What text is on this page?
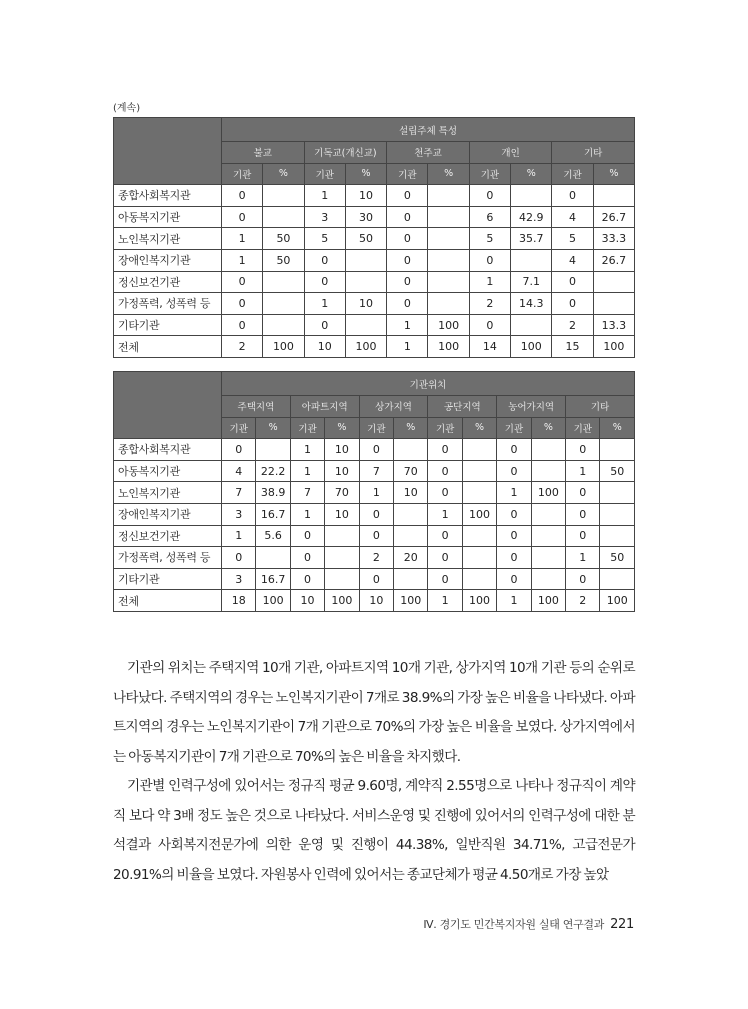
(계속)
	설립주체 특성									
	불교		기독교(개신교)		천주교		개인		기타	
	기관	%	기관	%	기관	%	기관	%	기관	%
종합사회복지관	0		1	10	0		0		0	
아동복지기관	0		3	30	0		6	42.9	4	26.7
노인복지기관	1	50	5	50	0		5	35.7	5	33.3
장애인복지기관	1	50	0		0		0		4	26.7
정신보건기관	0		0		0		1	7.1	0	
가정폭력, 성폭력 등	0		1	10	0		2	14.3	0	
기타기관	0		0		1	100	0		2	13.3
전체	2	100	10	100	1	100	14	100	15	100
	기관위치											
	주택지역		아파트지역		상가지역		공단지역		농어가지역		기타	
	기관	%	기관	%	기관	%	기관	%	기관	%	기관	%
종합사회복지관	0		1	10	0		0		0		0	
아동복지기관	4	22.2	1	10	7	70	0		0		1	50
노인복지기관	7	38.9	7	70	1	10	0		1	100	0	
장애인복지기관	3	16.7	1	10	0		1	100	0		0	
정신보건기관	1	5.6	0		0		0		0		0	
가정폭력, 성폭력 등	0		0		2	20	0		0		1	50
기타기관	3	16.7	0		0		0		0		0	
전체	18	100	10	100	10	100	1	100	1	100	2	100

기관의 위치는 주택지역 10개 기관, 아파트지역 10개 기관, 상가지역 10개 기관 등의 순위로 나타났다. 주택지역의 경우는 노인복지기관이 7개로 38.9%의 가장 높은 비율을 나타냈다. 아파트지역의 경우는 노인복지기관이 7개 기관으로 70%의 가장 높은 비율을 보였다. 상가지역에서는 아동복지기관이 7개 기관으로 70%의 높은 비율을 차지했다.

기관별 인력구성에 있어서는 정규직 평균 9.60명, 계약직 2.55명으로 나타나 정규직이 계약직 보다 약 3배 정도 높은 것으로 나타났다. 서비스운영 및 진행에 있어서의 인력구성에 대한 분석결과 사회복지전문가에 의한 운영 및 진행이 44.38%, 일반직원 34.71%, 고급전문가 20.91%의 비율을 보였다. 자원봉사 인력에 있어서는 종교단체가 평균 4.50개로 가장 높았

Ⅳ. 경기도 민간복지자원 실태 연구결과 221
